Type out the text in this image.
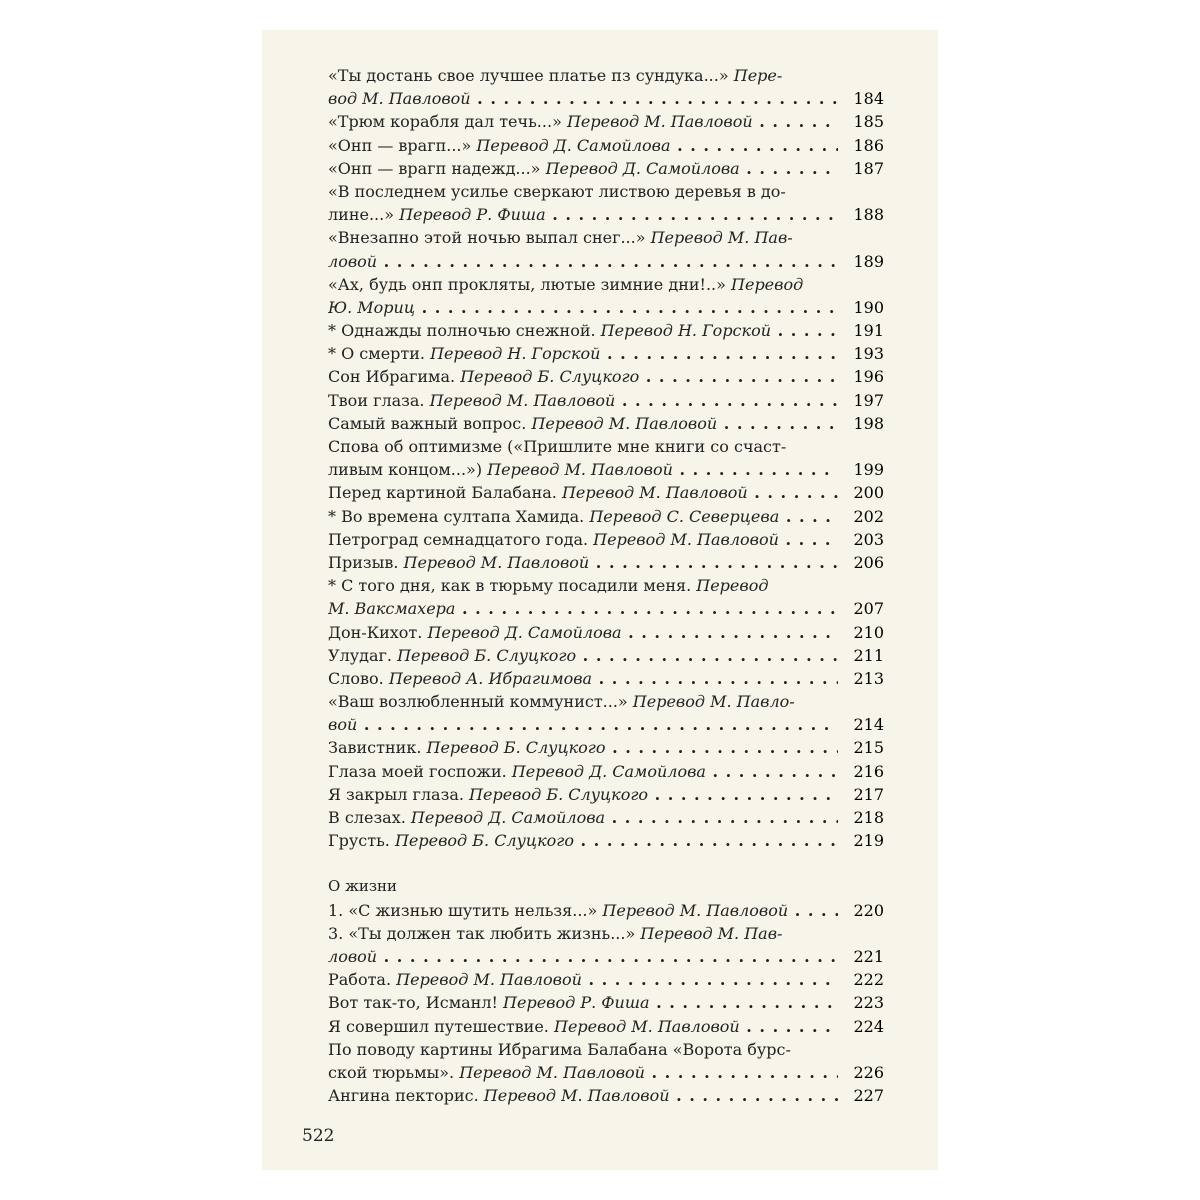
«Ты достань свое лучшее платье пз сундука...» Пере-
вод М. Павловой . . .	184
«Трюм корабля дал течь...» Перевод М. Павловой . . .	185
«Онп — врагп...» Перевод Д. Самойлова . . .	186
«Онп — врагп надежд...» Перевод Д. Самойлова . . .	187
«В последнем усилье сверкают листвою деревья в до-
лине...» Перевод Р. Фиша . . .	188
«Внезапно этой ночью выпал снег...» Перевод М. Пав-
ловой . . .	189
«Ах, будь онп прокляты, лютые зимние дни!..» Перевод
Ю. Мориц . . .	190
* Однажды полночью снежной. Перевод Н. Горской . . .	191
* О смерти. Перевод Н. Горской . . .	193
Сон Ибрагима. Перевод Б. Слуцкого . . .	196
Твои глаза. Перевод М. Павловой . . .	197
Самый важный вопрос. Перевод М. Павловой . . .	198
Спова об оптимизме («Пришлите мне книги со счаст-
ливым концом...») Перевод М. Павловой . . .	199
Перед картиной Балабана. Перевод М. Павловой . . .	200
* Во времена султапа Хамида. Перевод С. Северцева . . .	202
Петроград семнадцатого года. Перевод М. Павловой . . .	203
Призыв. Перевод М. Павловой . . .	206
* С того дня, как в тюрьму посадили меня. Перевод
М. Ваксмахера . . .	207
Дон-Кихот. Перевод Д. Самойлова . . .	210
Улудаг. Перевод Б. Слуцкого . . .	211
Слово. Перевод А. Ибрагимова . . .	213
«Ваш возлюбленный коммунист...» Перевод М. Павло-
вой . . .	214
Завистник. Перевод Б. Слуцкого . . .	215
Глаза моей госпожи. Перевод Д. Самойлова . . .	216
Я закрыл глаза. Перевод Б. Слуцкого . . .	217
В слезах. Перевод Д. Самойлова . . .	218
Грусть. Перевод Б. Слуцкого . . .	219
О жизни
1. «С жизнью шутить нельзя...» Перевод М. Павловой . . .	220
3. «Ты должен так любить жизнь...» Перевод М. Пав-
ловой . . .	221
Работа. Перевод М. Павловой . . .	222
Вот так-то, Исманл! Перевод Р. Фиша . . .	223
Я совершил путешествие. Перевод М. Павловой . . .	224
По поводу картины Ибрагима Балабана «Ворота бурс-
ской тюрьмы». Перевод М. Павловой . . .	226
Ангина пекторис. Перевод М. Павловой . . .	227
522
